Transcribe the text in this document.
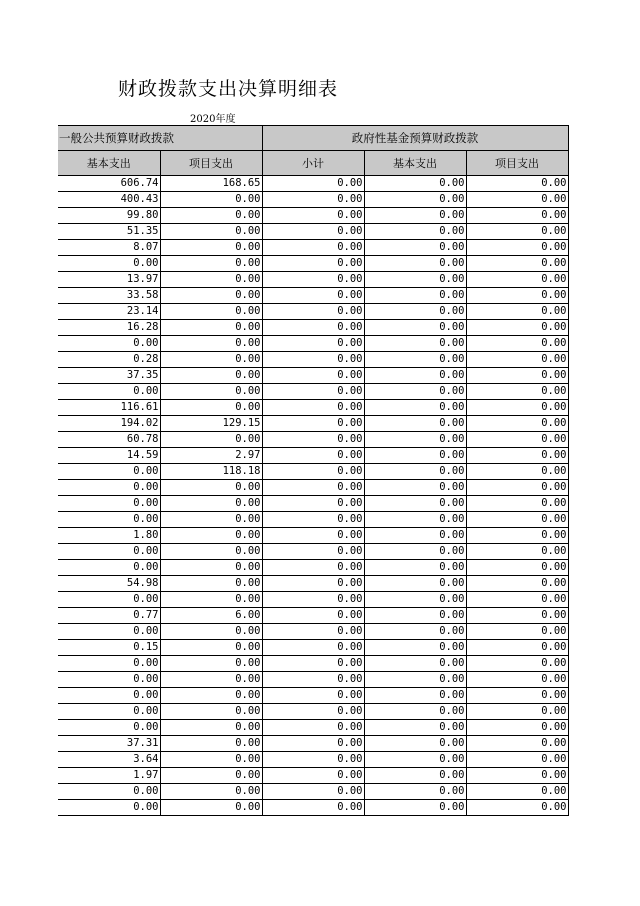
财政拨款支出决算明细表
2020年度
一般公共预算财政拨款		政府性基金预算财政拨款		
基本支出	项目支出	小计	基本支出	项目支出
606.74	168.65	0.00	0.00	0.00
400.43	0.00	0.00	0.00	0.00
99.80	0.00	0.00	0.00	0.00
51.35	0.00	0.00	0.00	0.00
8.07	0.00	0.00	0.00	0.00
0.00	0.00	0.00	0.00	0.00
13.97	0.00	0.00	0.00	0.00
33.58	0.00	0.00	0.00	0.00
23.14	0.00	0.00	0.00	0.00
16.28	0.00	0.00	0.00	0.00
0.00	0.00	0.00	0.00	0.00
0.28	0.00	0.00	0.00	0.00
37.35	0.00	0.00	0.00	0.00
0.00	0.00	0.00	0.00	0.00
116.61	0.00	0.00	0.00	0.00
194.02	129.15	0.00	0.00	0.00
60.78	0.00	0.00	0.00	0.00
14.59	2.97	0.00	0.00	0.00
0.00	118.18	0.00	0.00	0.00
0.00	0.00	0.00	0.00	0.00
0.00	0.00	0.00	0.00	0.00
0.00	0.00	0.00	0.00	0.00
1.80	0.00	0.00	0.00	0.00
0.00	0.00	0.00	0.00	0.00
0.00	0.00	0.00	0.00	0.00
54.98	0.00	0.00	0.00	0.00
0.00	0.00	0.00	0.00	0.00
0.77	6.00	0.00	0.00	0.00
0.00	0.00	0.00	0.00	0.00
0.15	0.00	0.00	0.00	0.00
0.00	0.00	0.00	0.00	0.00
0.00	0.00	0.00	0.00	0.00
0.00	0.00	0.00	0.00	0.00
0.00	0.00	0.00	0.00	0.00
0.00	0.00	0.00	0.00	0.00
37.31	0.00	0.00	0.00	0.00
3.64	0.00	0.00	0.00	0.00
1.97	0.00	0.00	0.00	0.00
0.00	0.00	0.00	0.00	0.00
0.00	0.00	0.00	0.00	0.00
